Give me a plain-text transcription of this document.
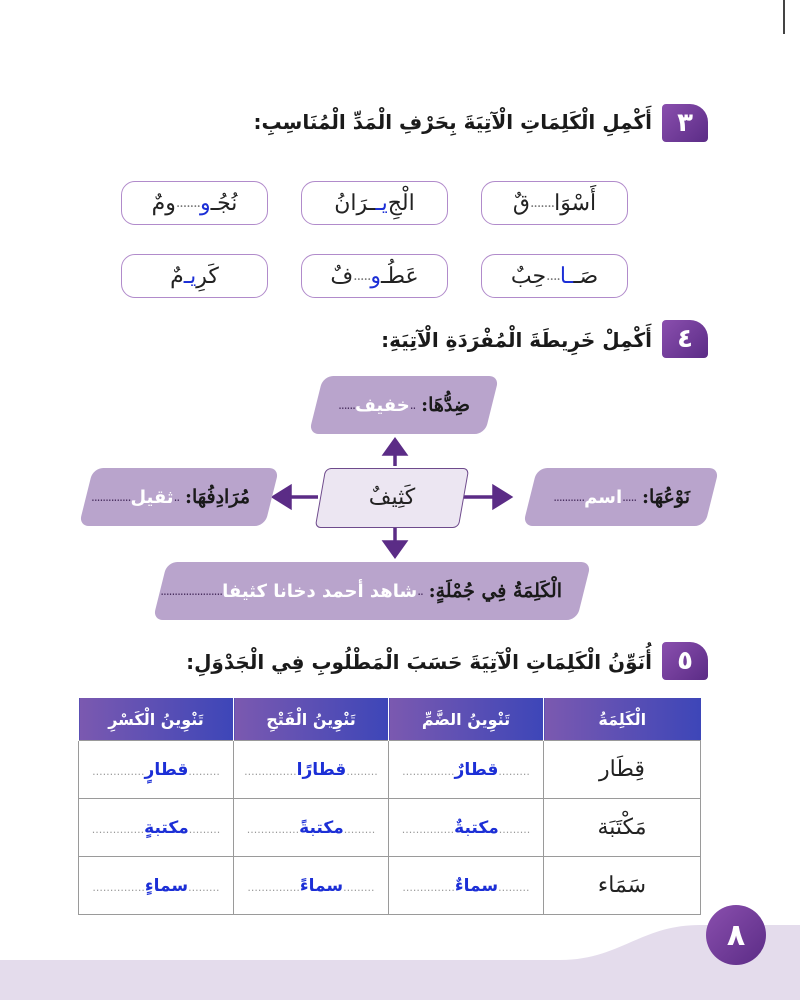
٣
أَكْمِلِ الْكَلِمَاتِ الْآتِيَةَ بِحَرْفِ الْمَدِّ الْمُنَاسِبِ:
أَسْوَا
.......
قٌ
الْجِ
يـ
ـرَانُ
نُجُـ
و
.......
ومٌ
صَـ
ـا
....
حِبٌ
عَطُـ
و
.....
فٌ
كَرِ
يـ
مٌ
٤
أَكْمِلْ خَرِيطَةَ الْمُفْرَدَةِ الْآتِيَةِ:
ضِدُّهَا:

..
خفيف
......
مُرَادِفُهَا:

..
ثقيل
..............	كَثِيفٌ	نَوْعُهَا:

.....
اسم
...........
الْكَلِمَةُ فِي جُمْلَةٍ:

..
شاهد أحمد دخانا كثيفا
......................
٥
أُنَوِّنُ الْكَلِمَاتِ الْآتِيَةَ حَسَبَ الْمَطْلُوبِ فِي الْجَدْوَلِ:
الْكَلِمَةُ	تَنْوِينُ الضَّمِّ	تَنْوِينُ الْفَتْحِ	تَنْوِينُ الْكَسْرِ
قِطَار	.........قطارٌ...............	.........قطارًا...............	.........قطارٍ...............
مَكْتَبَة	.........مكتبةٌ...............	.........مكتبةً...............	.........مكتبةٍ...............
سَمَاء	.........سماءٌ...............	.........سماءً...............	.........سماءٍ...............
٨
